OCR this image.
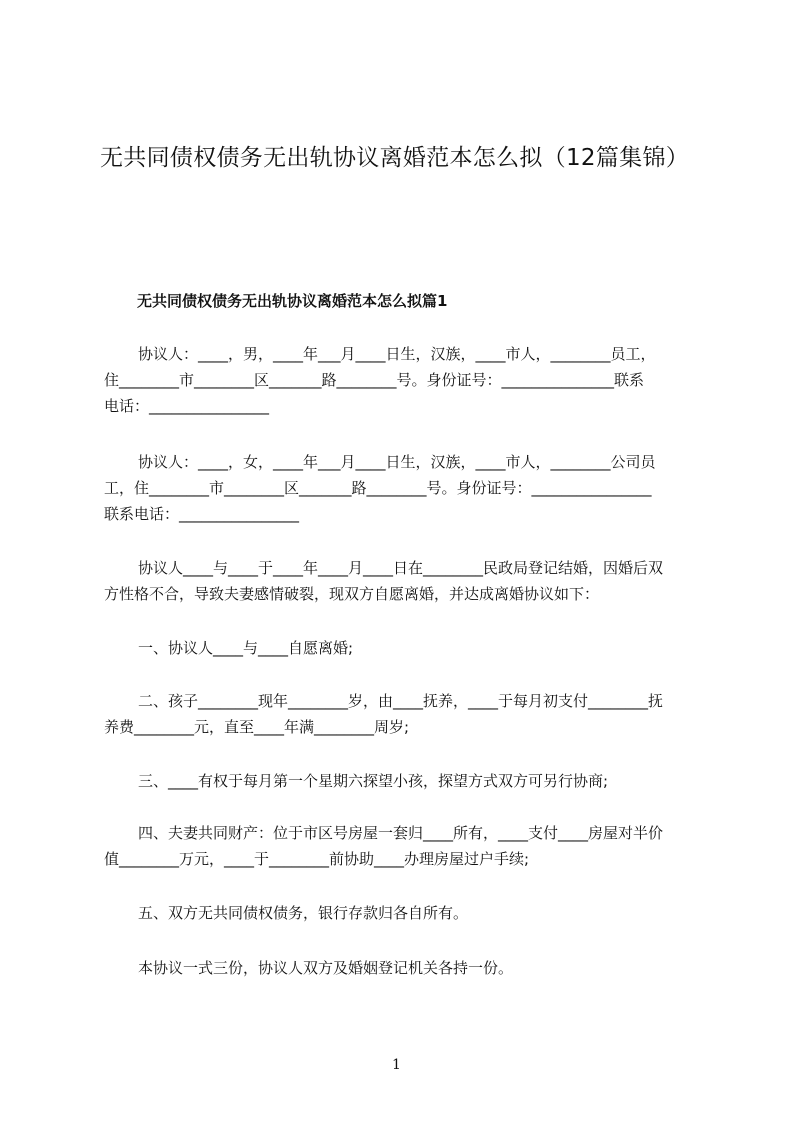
无共同债权债务无出轨协议离婚范本怎么拟（12篇集锦）
无共同债权债务无出轨协议离婚范本怎么拟篇1
协议人：____，男，____年___月____日生，汉族，____市人，________员工，
住________市________区_______路________号。身份证号：_______________联系
电话：________________
协议人：____，女，____年___月____日生，汉族，____市人，________公司员
工，住________市________区_______路________号。身份证号：________________
联系电话：________________
协议人____与____于____年____月____日在________民政局登记结婚，因婚后双
方性格不合，导致夫妻感情破裂，现双方自愿离婚，并达成离婚协议如下：
一、协议人____与____自愿离婚;
二、孩子________现年________岁，由____抚养，____于每月初支付________抚
养费________元，直至____年满________周岁;
三、____有权于每月第一个星期六探望小孩，探望方式双方可另行协商;
四、夫妻共同财产：位于市区号房屋一套归____所有，____支付____房屋对半价
值________万元，____于________前协助____办理房屋过户手续;
五、双方无共同债权债务，银行存款归各自所有。
本协议一式三份，协议人双方及婚姻登记机关各持一份。
1
